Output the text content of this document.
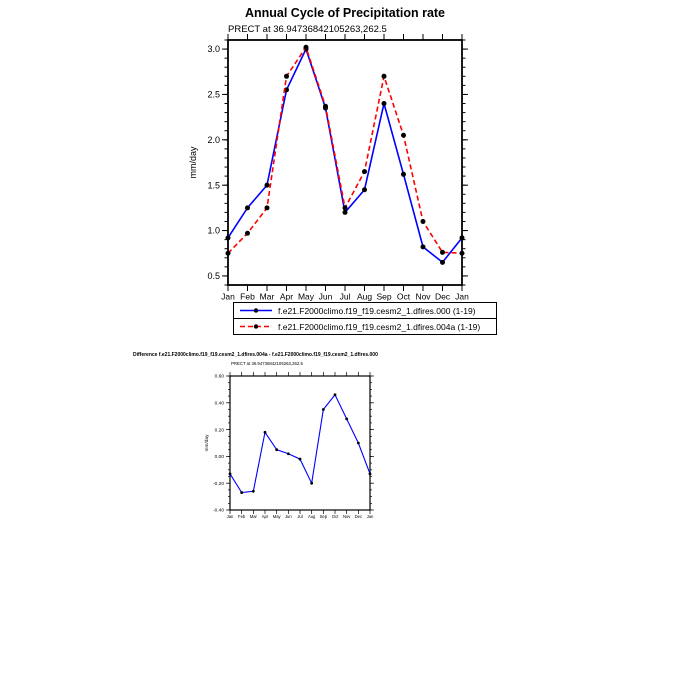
Annual Cycle of Precipitation rate
PRECT at 36.94736842105263,262.5
0.5
1.0
1.5
2.0
2.5
3.0
Jan Feb Mar Apr May Jun Jul Aug Sep Oct Nov Dec Jan
mm/day
f.e21.F2000climo.f19_f19.cesm2_1.dfires.000 (1-19)
f.e21.F2000climo.f19_f19.cesm2_1.dfires.004a (1-19)
Difference f.e21.F2000climo.f19_f19.cesm2_1.dfires.004a - f.e21.F2000climo.f19_f19.cesm2_1.dfires.000
PRECT at 36.94736842105263,262.5
-0.40
-0.20
0.00
0.20
0.40
0.60
Jan Feb Mar Apr May Jun Jul Aug Sep Oct Nov Dec Jan
mm/day
